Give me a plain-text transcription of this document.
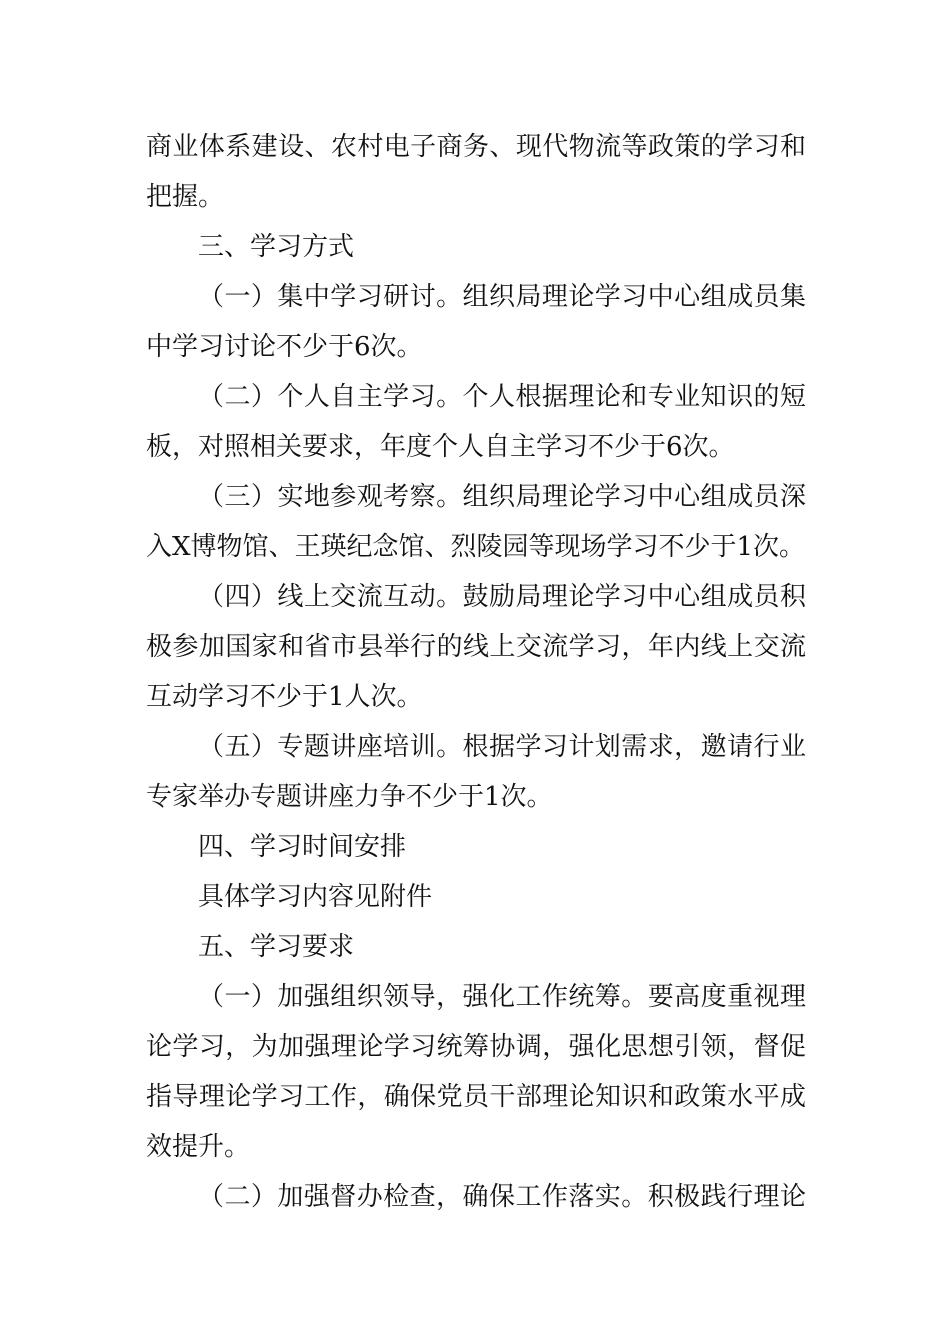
商业体系建设、农村电子商务、现代物流等政策的学习和
把握。
三、学习方式
（一）集中学习研讨。组织局理论学习中心组成员集
中学习讨论不少于6次。
（二）个人自主学习。个人根据理论和专业知识的短
板，对照相关要求，年度个人自主学习不少于6次。
（三）实地参观考察。组织局理论学习中心组成员深
入X博物馆、王瑛纪念馆、烈陵园等现场学习不少于1次。
（四）线上交流互动。鼓励局理论学习中心组成员积
极参加国家和省市县举行的线上交流学习，年内线上交流
互动学习不少于1人次。
（五）专题讲座培训。根据学习计划需求，邀请行业
专家举办专题讲座力争不少于1次。
四、学习时间安排
具体学习内容见附件
五、学习要求
（一）加强组织领导，强化工作统筹。要高度重视理
论学习，为加强理论学习统筹协调，强化思想引领，督促
指导理论学习工作，确保党员干部理论知识和政策水平成
效提升。
（二）加强督办检查，确保工作落实。积极践行理论
